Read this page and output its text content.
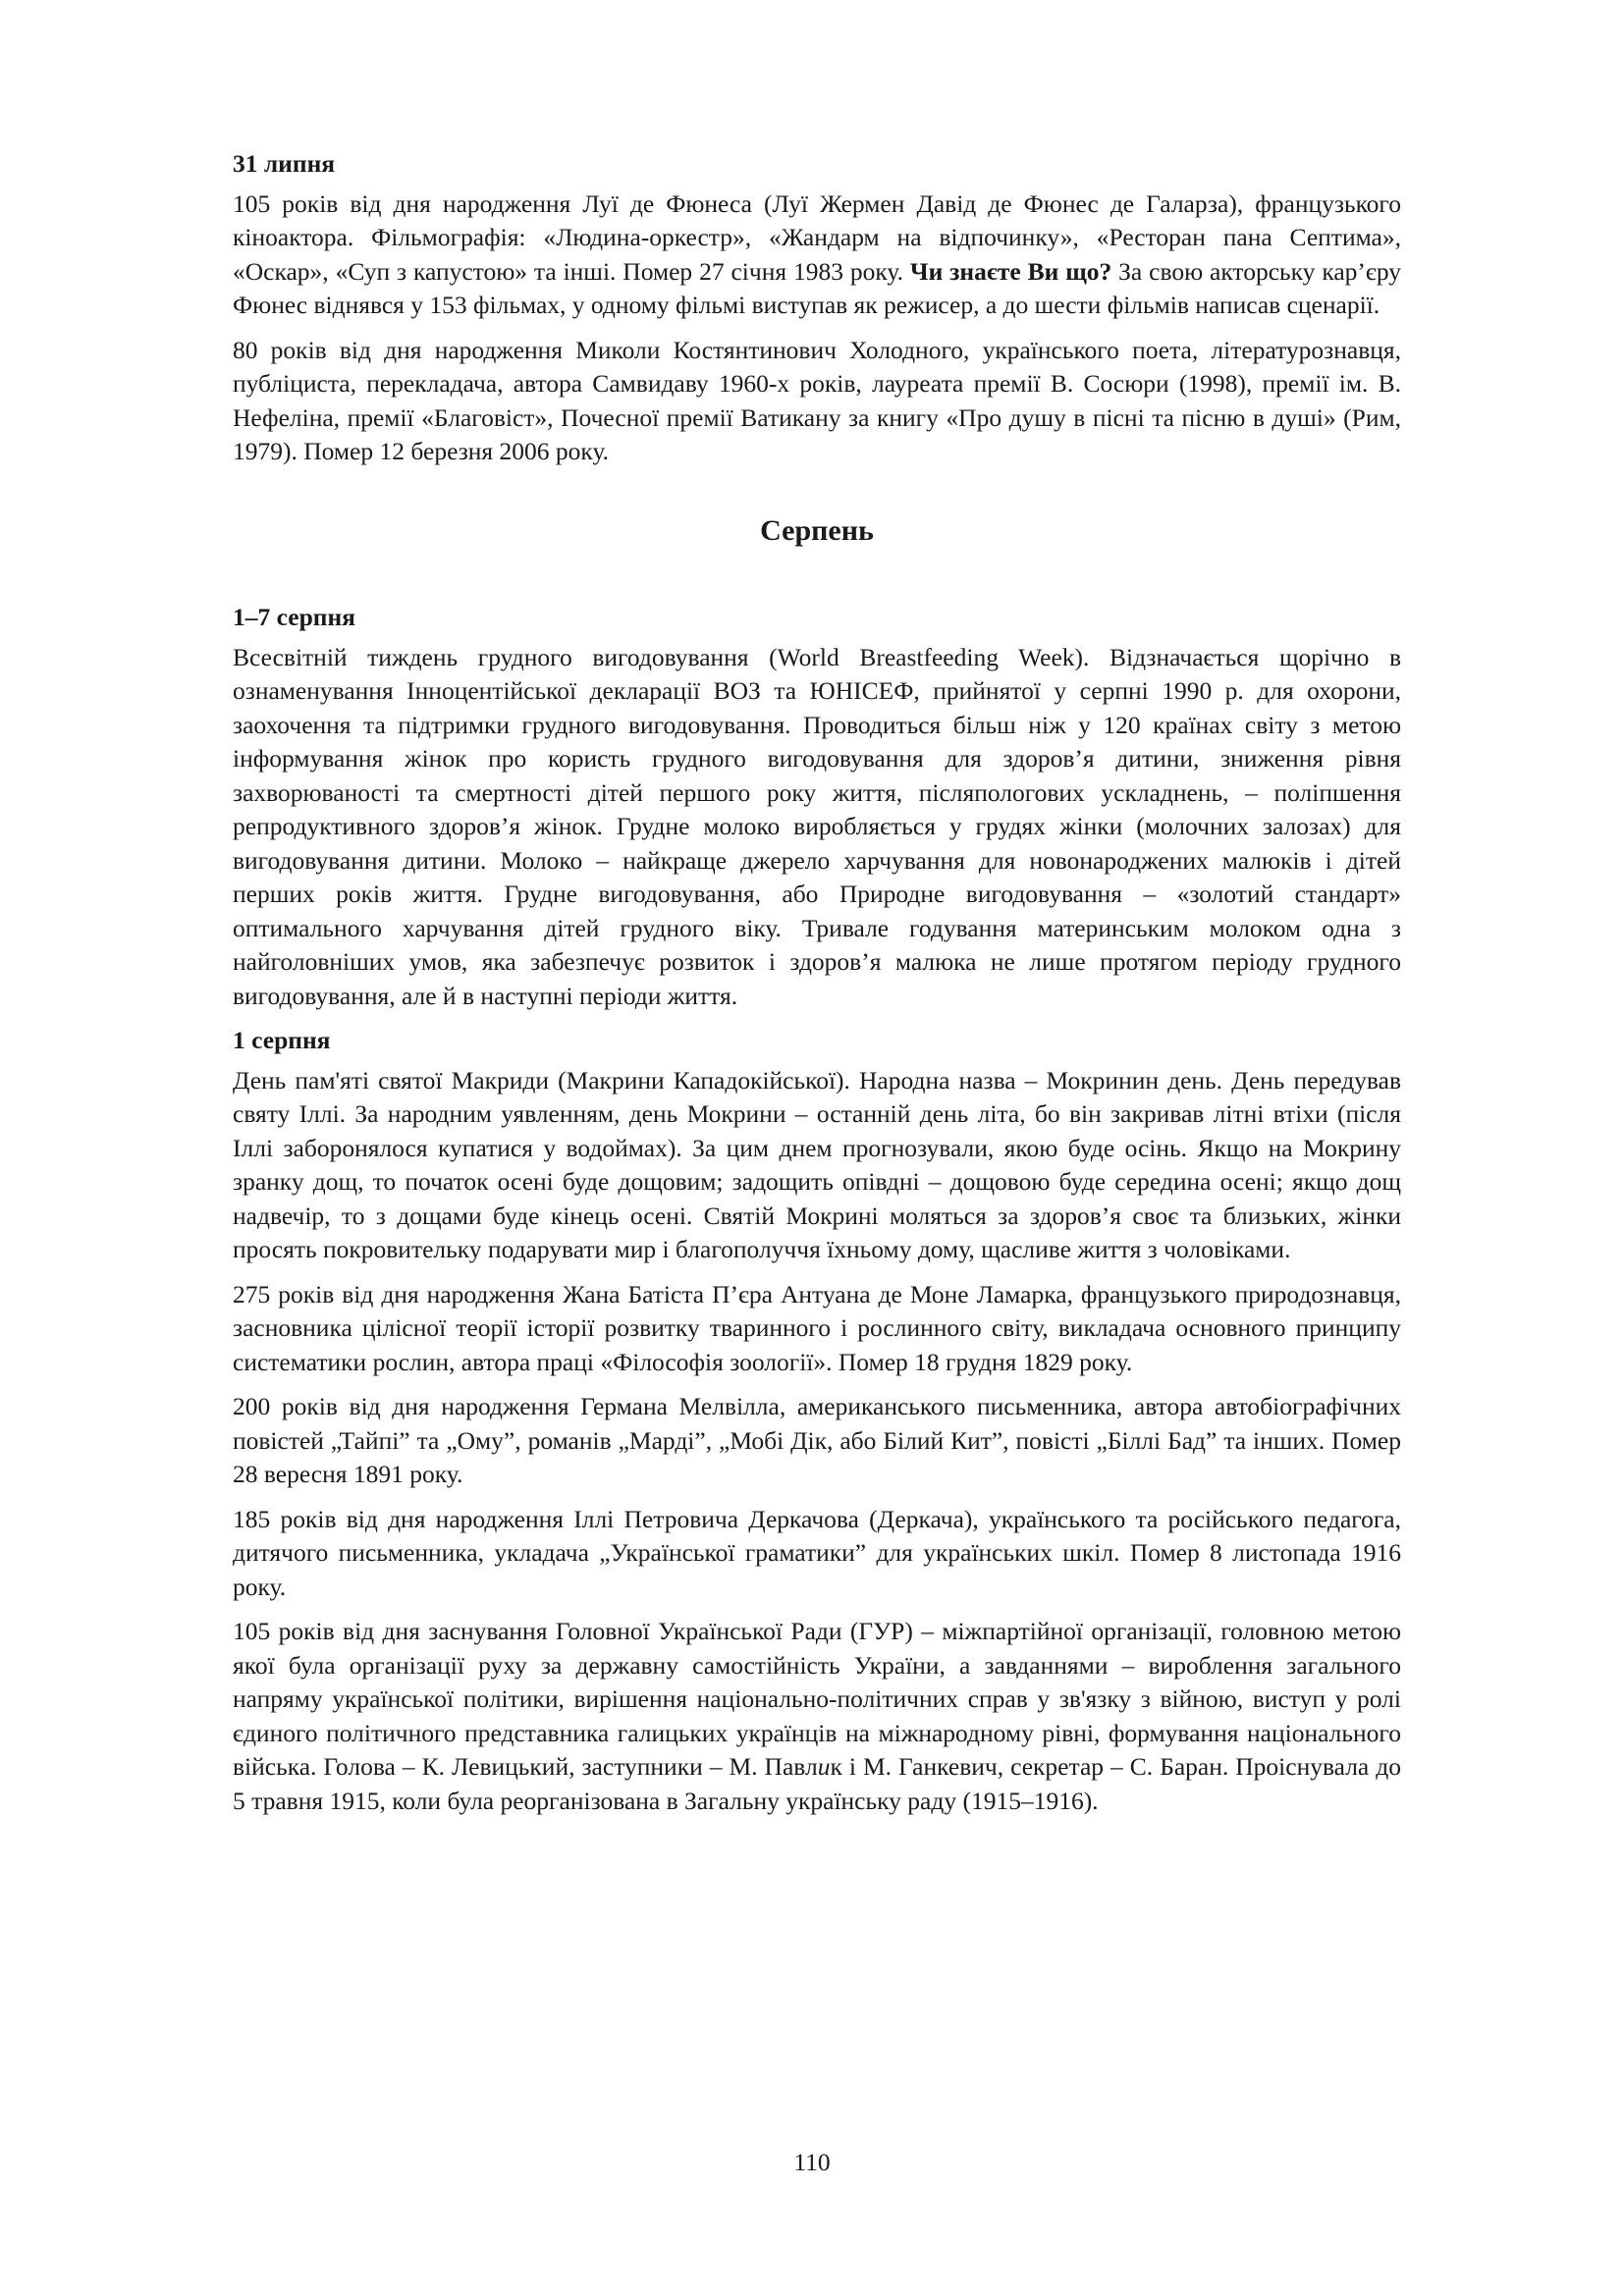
31 липня

105 років від дня народження Луї де Фюнеса (Луї Жермен Давід де Фюнес де Галарза), французького кіноактора. Фільмографія: «Людина-оркестр», «Жандарм на відпочинку», «Ресторан пана Септима», «Оскар», «Суп з капустою» та інші. Помер 27 січня 1983 року. Чи знаєте Ви що? За свою акторську кар’єру Фюнес віднявся у 153 фільмах, у одному фільмі виступав як режисер, а до шести фільмів написав сценарії.

80 років від дня народження Миколи Костянтинович Холодного, українського поета, літературознавця, публіциста, перекладача, автора Самвидаву 1960-х років, лауреата премії В. Сосюри (1998), премії ім. В. Нефеліна, премії «Благовіст», Почесної премії Ватикану за книгу «Про душу в пісні та пісню в душі» (Рим, 1979). Помер 12 березня 2006 року.

Серпень
1–7 серпня

Всесвітній тиждень грудного вигодовування (World Breastfeeding Week). Відзначається щорічно в ознаменування Інноцентійської декларації ВОЗ та ЮНІСЕФ, прийнятої у серпні 1990 р. для охорони, заохочення та підтримки грудного вигодовування. Проводиться більш ніж у 120 країнах світу з метою інформування жінок про користь грудного вигодовування для здоров’я дитини, зниження рівня захворюваності та смертності дітей першого року життя, післяпологових ускладнень, – поліпшення репродуктивного здоров’я жінок. Грудне молоко виробляється у грудях жінки (молочних залозах) для вигодовування дитини. Молоко – найкраще джерело харчування для новонароджених малюків і дітей перших років життя. Грудне вигодовування, або Природне вигодовування – «золотий стандарт» оптимального харчування дітей грудного віку. Тривале годування материнським молоком одна з найголовніших умов, яка забезпечує розвиток і здоров’я малюка не лише протягом періоду грудного вигодовування, але й в наступні періоди життя.

1 серпня

День пам'яті святої Макриди (Макрини Кападокійської). Народна назва – Мокринин день. День передував святу Іллі. За народним уявленням, день Мокрини – останній день літа, бо він закривав літні втіхи (після Іллі заборонялося купатися у водоймах). За цим днем прогнозували, якою буде осінь. Якщо на Мокрину зранку дощ, то початок осені буде дощовим; задощить опівдні – дощовою буде середина осені; якщо дощ надвечір, то з дощами буде кінець осені. Святій Мокрині моляться за здоров’я своє та близьких, жінки просять покровительку подарувати мир і благополуччя їхньому дому, щасливе життя з чоловіками.

275 років від дня народження Жана Батіста П’єра Антуана де Моне Ламарка, французького природознавця, засновника цілісної теорії історії розвитку тваринного і рослинного світу, викладача основного принципу систематики рослин, автора праці «Філософія зоології». Помер 18 грудня 1829 року.

200 років від дня народження Германа Мелвілла, американського письменника, автора автобіографічних повістей „Тайпі” та „Ому”, романів „Марді”, „Мобі Дік, або Білий Кит”, повісті „Біллі Бад” та інших. Помер 28 вересня 1891 року.

185 років від дня народження Іллі Петровича Деркачова (Деркача), українського та російського педагога, дитячого письменника, укладача „Української граматики” для українських шкіл. Помер 8 листопада 1916 року.

105 років від дня заснування Головної Української Ради (ГУР) – міжпартійної організації, головною метою якої була організації руху за державну самостійність України, а завданнями – вироблення загального напряму української політики, вирішення національно-політичних справ у зв'язку з війною, виступ у ролі єдиного політичного представника галицьких українців на міжнародному рівні, формування національного війська. Голова – К. Левицький, заступники – М. Павлик і М. Ганкевич, секретар – С. Баран. Проіснувала до 5 травня 1915, коли була реорганізована в Загальну українську раду (1915–1916).

110
